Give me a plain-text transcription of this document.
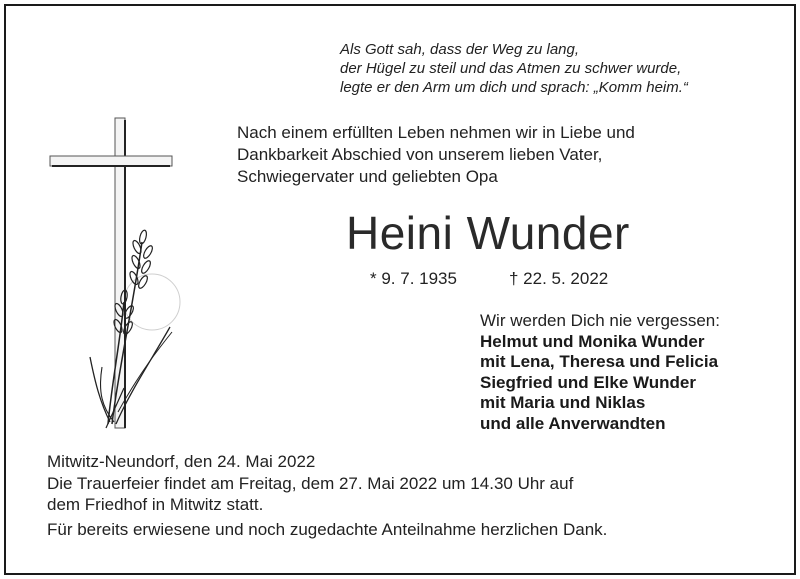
Als Gott sah, dass der Weg zu lang,
der Hügel zu steil und das Atmen zu schwer wurde,
legte er den Arm um dich und sprach: „Komm heim.“
Nach einem erfüllten Leben nehmen wir in Liebe und
Dankbarkeit Abschied von unserem lieben Vater,
Schwiegervater und geliebten Opa
Heini Wunder
* 9. 7. 1935	† 22. 5. 2022
Wir werden Dich nie vergessen:
Helmut und Monika Wunder
mit Lena, Theresa und Felicia
Siegfried und Elke Wunder
mit Maria und Niklas
und alle Anverwandten
Mitwitz-Neundorf, den 24. Mai 2022
Die Trauerfeier findet am Freitag, dem 27. Mai 2022 um 14.30 Uhr auf
dem Friedhof in Mitwitz statt.
Für bereits erwiesene und noch zugedachte Anteilnahme herzlichen Dank.
